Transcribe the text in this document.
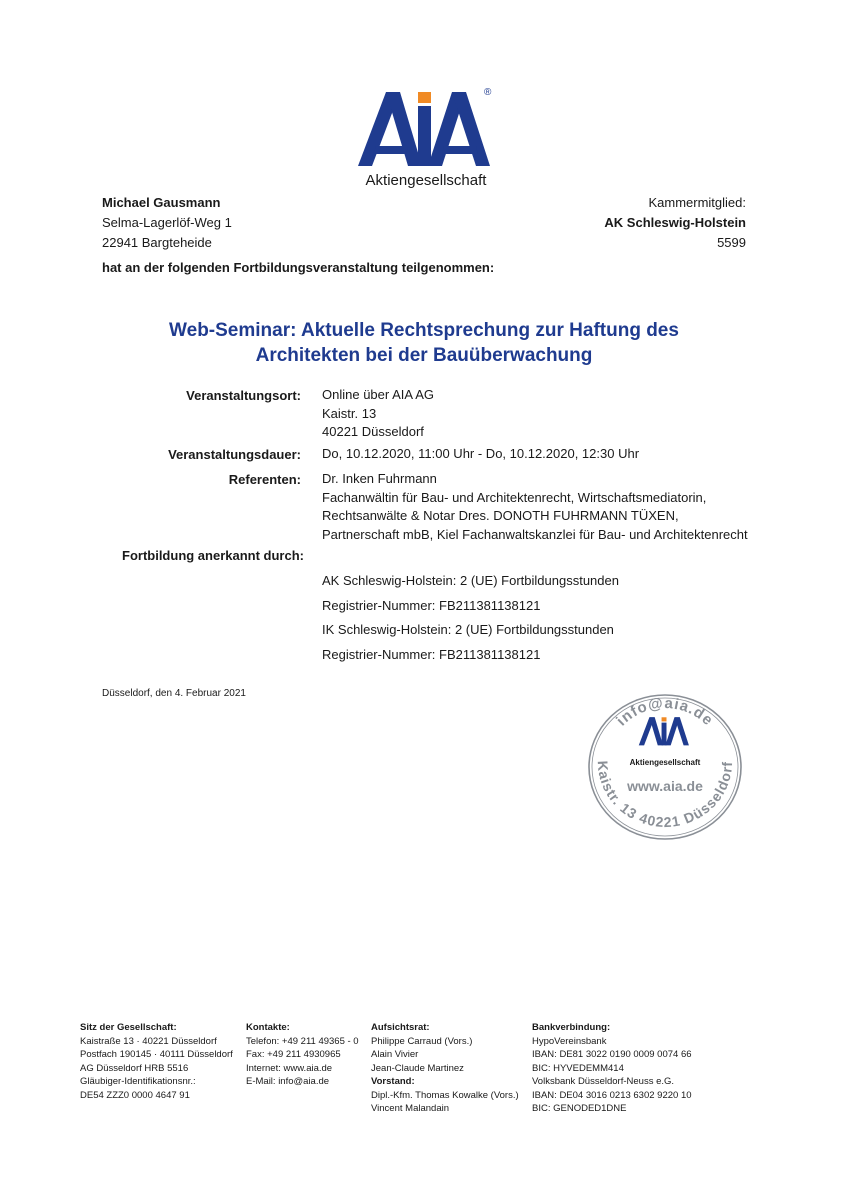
®
Aktiengesellschaft
Michael Gausmann
Selma-Lagerlöf-Weg 1
22941 Bargteheide
Kammermitglied:
AK Schleswig-Holstein
5599
hat an der folgenden Fortbildungsveranstaltung teilgenommen:
Web-Seminar: Aktuelle Rechtsprechung zur Haftung des
Architekten bei der Bauüberwachung
Veranstaltungsort: Online über AIA AG
Kaistr. 13
40221 Düsseldorf
Veranstaltungsdauer: Do, 10.12.2020, 11:00 Uhr - Do, 10.12.2020, 12:30 Uhr
Referenten: Dr. Inken Fuhrmann
Fachanwältin für Bau- und Architektenrecht, Wirtschaftsmediatorin,
Rechtsanwälte & Notar Dres. DONOTH FUHRMANN TÜXEN,
Partnerschaft mbB, Kiel Fachanwaltskanzlei für Bau- und Architektenrecht
Fortbildung anerkannt durch:
AK Schleswig-Holstein: 2 (UE) Fortbildungsstunden
Registrier-Nummer: FB211381138121
IK Schleswig-Holstein: 2 (UE) Fortbildungsstunden
Registrier-Nummer: FB211381138121
Düsseldorf, den 4. Februar 2021
info@aia.de
Kaistr. 13 40221 Düsseldorf
Aktiengesellschaft
www.aia.de
Sitz der Gesellschaft:
Kaistraße 13 · 40221 Düsseldorf
Postfach 190145 · 40111 Düsseldorf
AG Düsseldorf HRB 5516
Gläubiger-Identifikationsnr.:
DE54 ZZZ0 0000 4647 91
Kontakte:
Telefon: +49 211 49365 - 0
Fax: +49 211 4930965
Internet: www.aia.de
E-Mail: info@aia.de
Aufsichtsrat:
Philippe Carraud (Vors.)
Alain Vivier
Jean-Claude Martinez
Vorstand:
Dipl.-Kfm. Thomas Kowalke (Vors.)
Vincent Malandain
Bankverbindung:
HypoVereinsbank
IBAN: DE81 3022 0190 0009 0074 66
BIC: HYVEDEMM414
Volksbank Düsseldorf-Neuss e.G.
IBAN: DE04 3016 0213 6302 9220 10
BIC: GENODED1DNE
